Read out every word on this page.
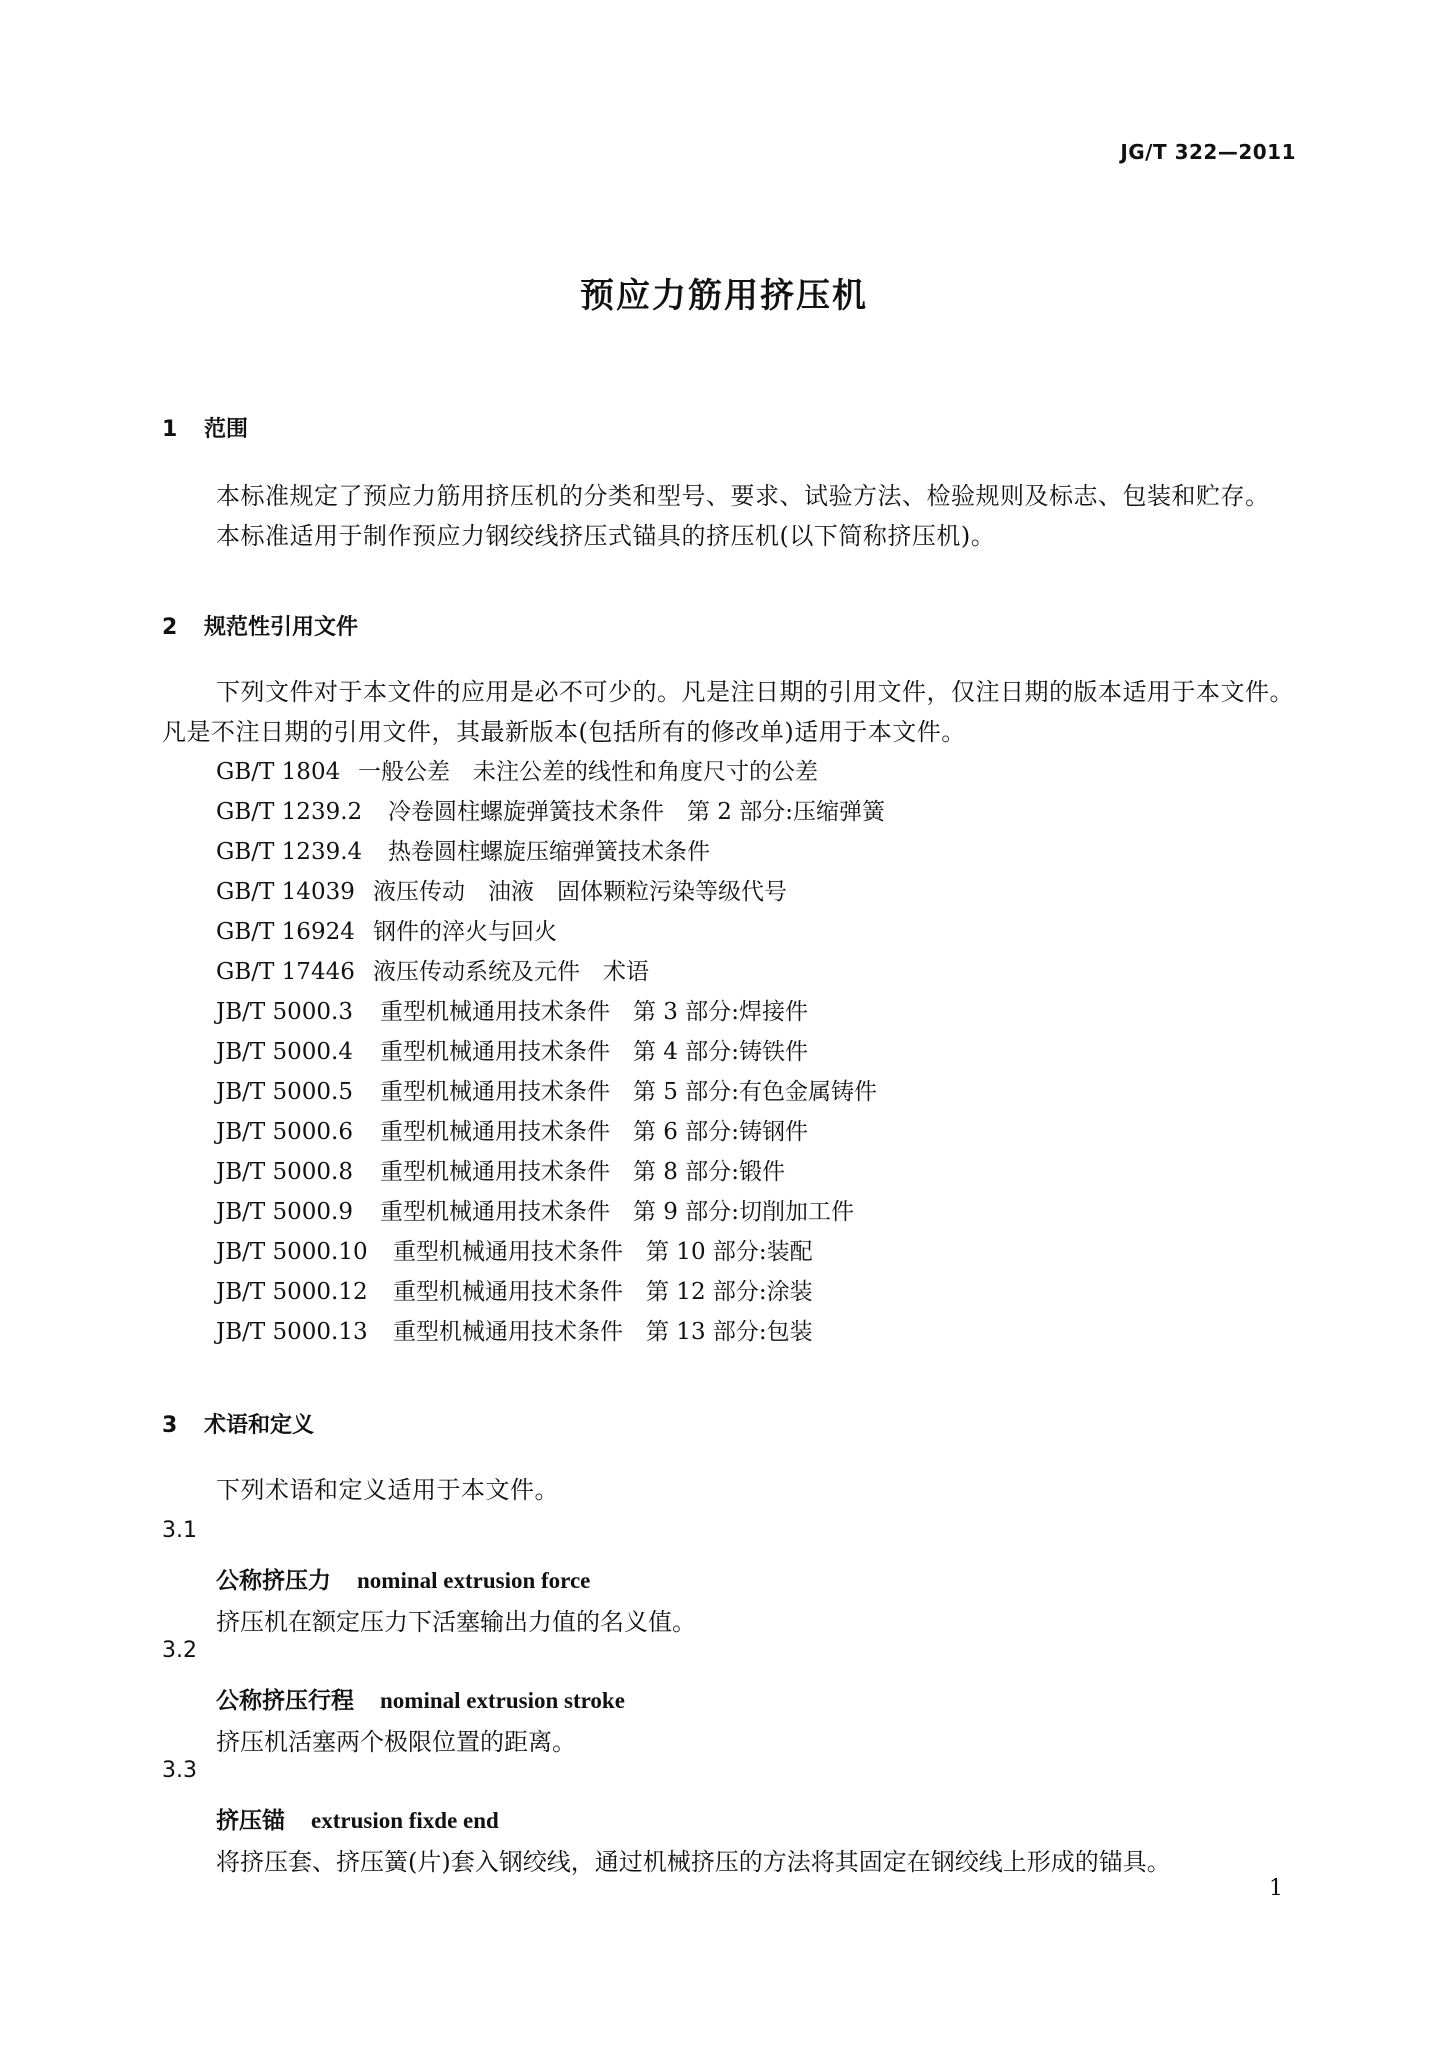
JG/T 322—2011
预应力筋用挤压机
1 范围
本标准规定了预应力筋用挤压机的分类和型号、要求、试验方法、检验规则及标志、包装和贮存。
本标准适用于制作预应力钢绞线挤压式锚具的挤压机(以下简称挤压机)。
2 规范性引用文件
下列文件对于本文件的应用是必不可少的。凡是注日期的引用文件，仅注日期的版本适用于本文件。凡是不注日期的引用文件，其最新版本(包括所有的修改单)适用于本文件。
GB/T 1804 一般公差　未注公差的线性和角度尺寸的公差
GB/T 1239.2 冷卷圆柱螺旋弹簧技术条件　第 2 部分:压缩弹簧
GB/T 1239.4 热卷圆柱螺旋压缩弹簧技术条件
GB/T 14039 液压传动　油液　固体颗粒污染等级代号
GB/T 16924 钢件的淬火与回火
GB/T 17446 液压传动系统及元件　术语
JB/T 5000.3 重型机械通用技术条件　第 3 部分:焊接件
JB/T 5000.4 重型机械通用技术条件　第 4 部分:铸铁件
JB/T 5000.5 重型机械通用技术条件　第 5 部分:有色金属铸件
JB/T 5000.6 重型机械通用技术条件　第 6 部分:铸钢件
JB/T 5000.8 重型机械通用技术条件　第 8 部分:锻件
JB/T 5000.9 重型机械通用技术条件　第 9 部分:切削加工件
JB/T 5000.10 重型机械通用技术条件　第 10 部分:装配
JB/T 5000.12 重型机械通用技术条件　第 12 部分:涂装
JB/T 5000.13 重型机械通用技术条件　第 13 部分:包装
3 术语和定义
下列术语和定义适用于本文件。
3.1
公称挤压力 nominal extrusion force
挤压机在额定压力下活塞输出力值的名义值。
3.2
公称挤压行程 nominal extrusion stroke
挤压机活塞两个极限位置的距离。
3.3
挤压锚 extrusion fixde end
将挤压套、挤压簧(片)套入钢绞线，通过机械挤压的方法将其固定在钢绞线上形成的锚具。
1
